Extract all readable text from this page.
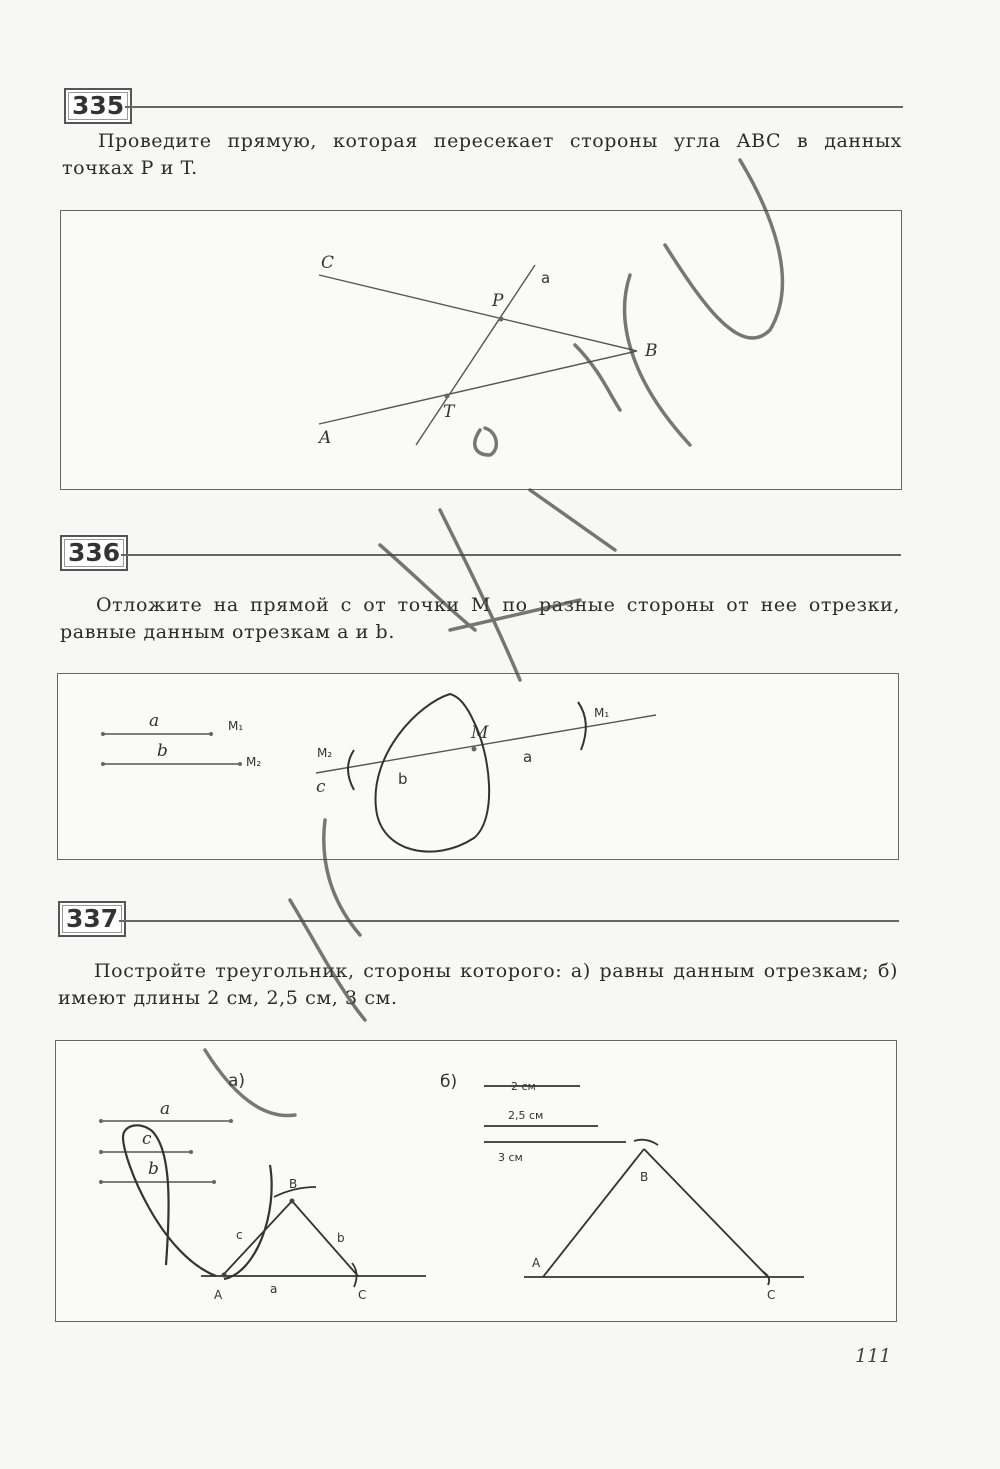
335
Проведите прямую, которая пересекает стороны угла ABC в данных точках P и T.
C
A
B
P
T
a
336
Отложите на прямой c от точки M по разные стороны от нее отрезки, равные данным отрезкам a и b.
a
b
M₁
M₂
M
c	b
a
M₂
M₁
337
Постройте треугольник, стороны которого: а) равны данным отрезкам; б) имеют длины 2 см, 2,5 см, 3 см.
а)
a
c
b
B
c	b
A	a	C
б)	2 см
2,5 см
3 см
B
A
C
111
